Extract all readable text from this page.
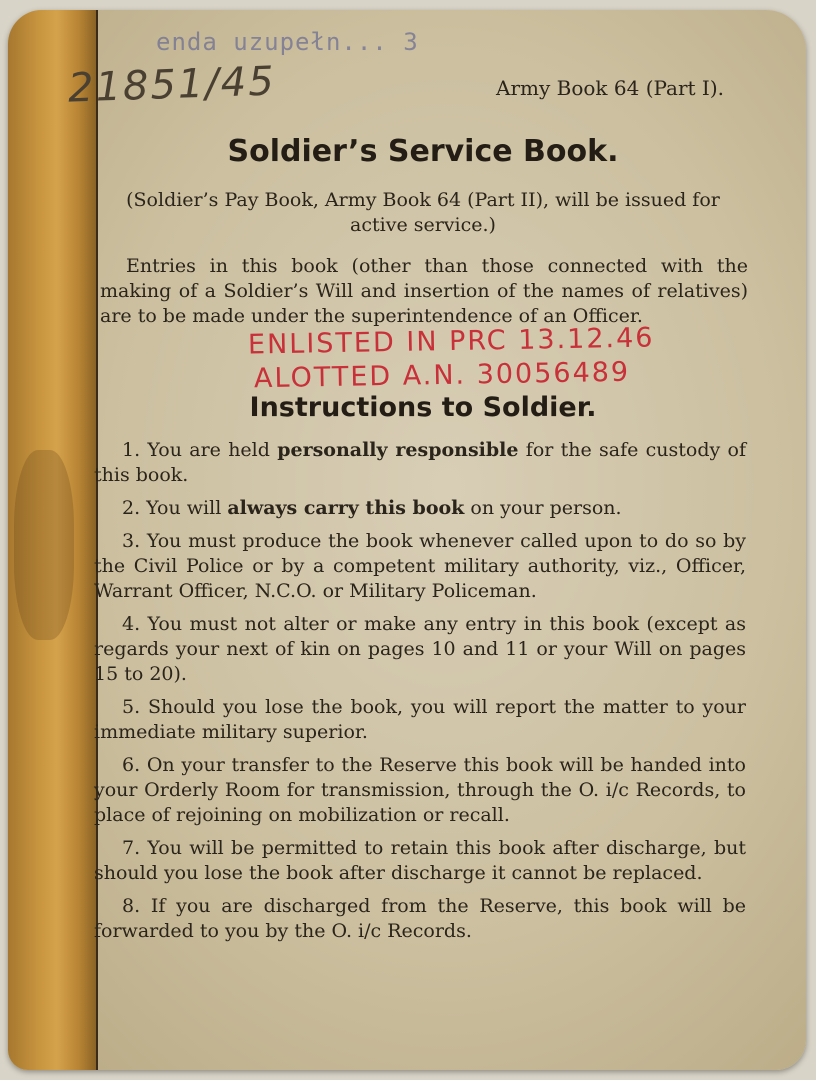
enda uzupełn... 3
21851/45	Army Book 64 (Part I).
Soldier’s Service Book.
(Soldier’s Pay Book, Army Book 64 (Part II), will be issued for active service.)
Entries in this book (other than those connected with the making of a Soldier’s Will and insertion of the names of relatives) are to be made under the superintendence of an Officer.
ENLISTED IN PRC 13.12.46
ALOTTED A.N. 30056489
Instructions to Soldier.

1. You are held personally responsible for the safe custody of this book.

2. You will always carry this book on your person.

3. You must produce the book whenever called upon to do so by the Civil Police or by a competent military authority, viz., Officer, Warrant Officer, N.C.O. or Military Policeman.

4. You must not alter or make any entry in this book (except as regards your next of kin on pages 10 and 11 or your Will on pages 15 to 20).

5. Should you lose the book, you will report the matter to your immediate military superior.

6. On your transfer to the Reserve this book will be handed into your Orderly Room for transmission, through the O. i/c Records, to place of rejoining on mobilization or recall.

7. You will be permitted to retain this book after discharge, but should you lose the book after discharge it cannot be replaced.

8. If you are discharged from the Reserve, this book will be forwarded to you by the O. i/c Records.
